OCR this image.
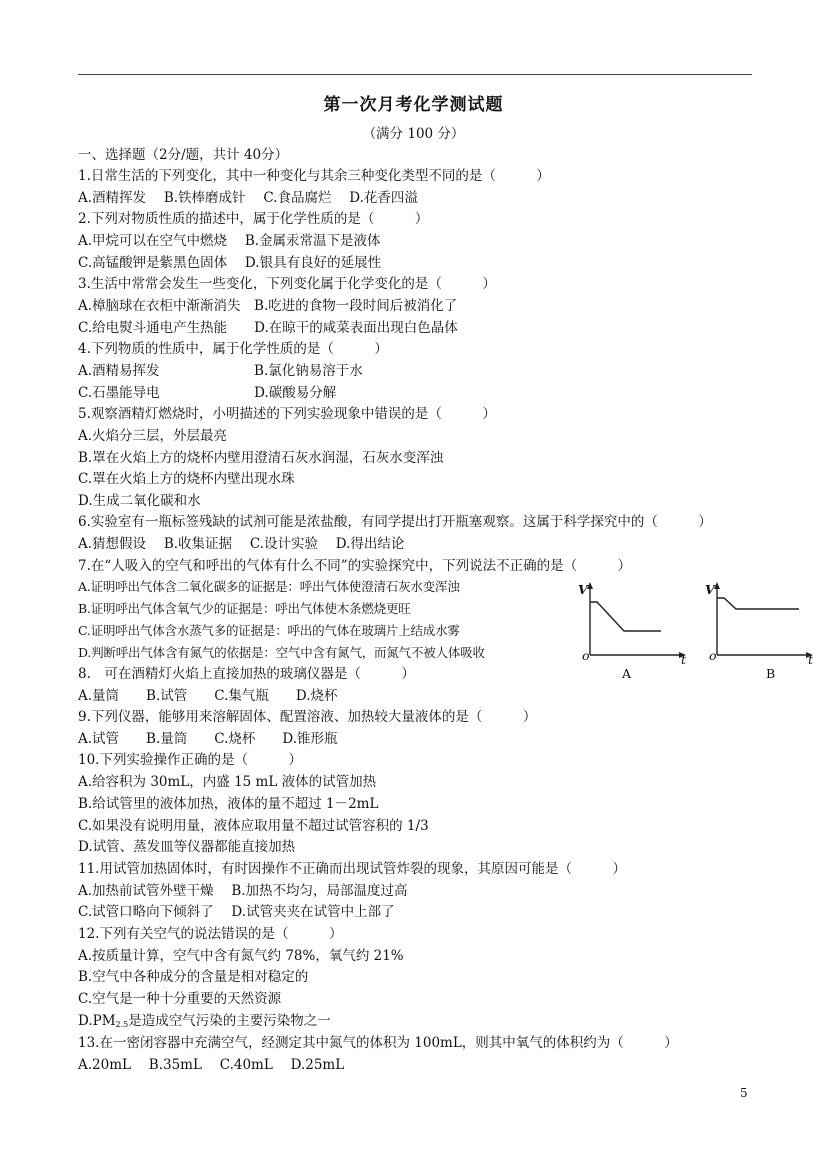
第一次月考化学测试题
（满分 100 分）
一、选择题（2分/题，共计 40分）
1.日常生活的下列变化，其中一种变化与其余三种变化类型不同的是（　　　）
A.酒精挥发　 B.铁棒磨成针　 C.食品腐烂　 D.花香四溢
2.下列对物质性质的描述中，属于化学性质的是（　　　）
A.甲烷可以在空气中燃烧　 B.金属汞常温下是液体
C.高锰酸钾是紫黑色固体　 D.银具有良好的延展性
3.生活中常常会发生一些变化，下列变化属于化学变化的是（　　　）
A.樟脑球在衣柜中渐渐消失　B.吃进的食物一段时间后被消化了
C.给电熨斗通电产生热能　　D.在晾干的咸菜表面出现白色晶体
4.下列物质的性质中，属于化学性质的是（　　　）
A.酒精易挥发　　　　　　　B.氯化钠易溶于水
C.石墨能导电　　　　　　　D.碳酸易分解
5.观察酒精灯燃烧时，小明描述的下列实验现象中错误的是（　　　）
A.火焰分三层，外层最亮
B.罩在火焰上方的烧杯内壁用澄清石灰水润湿，石灰水变浑浊
C.罩在火焰上方的烧杯内壁出现水珠
D.生成二氧化碳和水
6.实验室有一瓶标签残缺的试剂可能是浓盐酸，有同学提出打开瓶塞观察。这属于科学探究中的（　　　）
A.猜想假设　 B.收集证据　 C.设计实验　 D.得出结论
7.在“人吸入的空气和呼出的气体有什么不同”的实验探究中，下列说法不正确的是（　　　）
A.证明呼出气体含二氧化碳多的证据是：呼出气体使澄清石灰水变浑浊
B.证明呼出气体含氧气少的证据是：呼出气体使木条燃烧更旺
C.证明呼出气体含水蒸气多的证据是：呼出的气体在玻璃片上结成水雾
D.判断呼出气体含有氮气的依据是：空气中含有氮气，而氮气不被人体吸收
V
o	t
A
V
o	t
B
8.　可在酒精灯火焰上直接加热的玻璃仪器是（　　　）
A.量筒　　B.试管　　C.集气瓶　　D.烧杯
9.下列仪器，能够用来溶解固体、配置溶液、加热较大量液体的是（　　　）
A.试管　　B.量筒　　C.烧杯　　D.锥形瓶
10.下列实验操作正确的是（　　　）
A.给容积为 30mL，内盛 15 mL 液体的试管加热
B.给试管里的液体加热，液体的量不超过 1－2mL
C.如果没有说明用量，液体应取用量不超过试管容积的 1/3
D.试管、蒸发皿等仪器都能直接加热
11.用试管加热固体时，有时因操作不正确而出现试管炸裂的现象，其原因可能是（　　　）
A.加热前试管外壁干燥　 B.加热不均匀，局部温度过高
C.试管口略向下倾斜了　 D.试管夹夹在试管中上部了
12.下列有关空气的说法错误的是（　　　）
A.按质量计算，空气中含有氮气约 78%，氧气约 21%
B.空气中各种成分的含量是相对稳定的
C.空气是一种十分重要的天然资源
$D.PM_{2.5}$是造成空气污染的主要污染物之一
13.在一密闭容器中充满空气，经测定其中氮气的体积为 100mL，则其中氧气的体积约为（　　　）
A.20mL　 B.35mL　 C.40mL　 D.25mL
5
